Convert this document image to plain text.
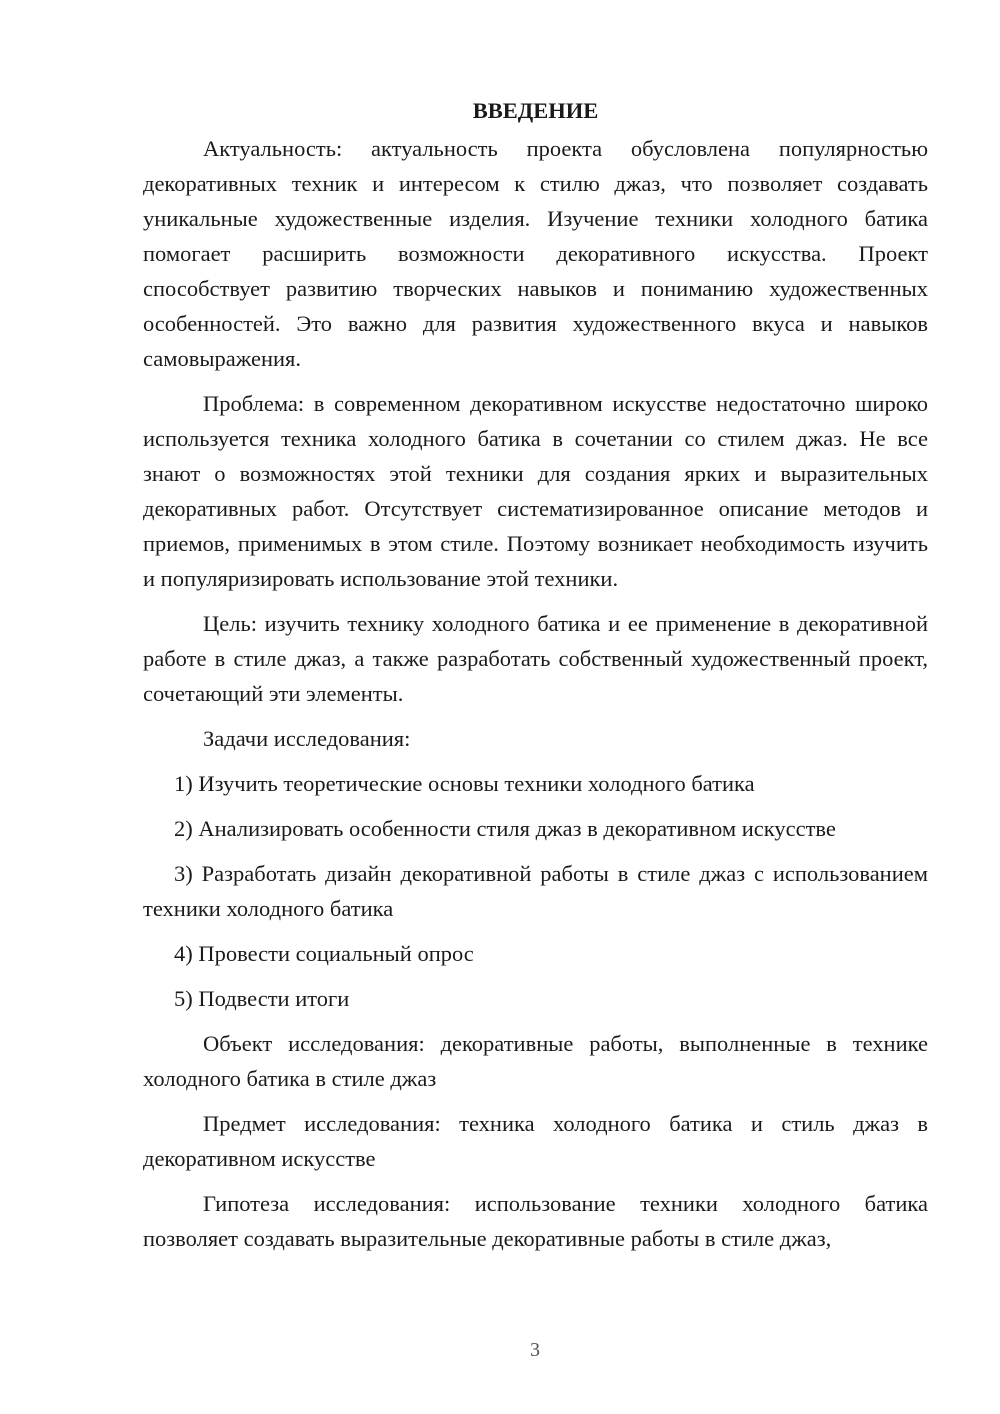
ВВЕДЕНИЕ

Актуальность: актуальность проекта обусловлена популярностью декоративных техник и интересом к стилю джаз, что позволяет создавать уникальные художественные изделия. Изучение техники холодного батика помогает расширить возможности декоративного искусства. Проект способствует развитию творческих навыков и пониманию художественных особенностей. Это важно для развития художественного вкуса и навыков самовыражения.

Проблема: в современном декоративном искусстве недостаточно широко используется техника холодного батика в сочетании со стилем джаз. Не все знают о возможностях этой техники для создания ярких и выразительных декоративных работ. Отсутствует систематизированное описание методов и приемов, применимых в этом стиле. Поэтому возникает необходимость изучить и популяризировать использование этой техники.

Цель: изучить технику холодного батика и ее применение в декоративной работе в стиле джаз, а также разработать собственный художественный проект, сочетающий эти элементы.

Задачи исследования:

1) Изучить теоретические основы техники холодного батика

2) Анализировать особенности стиля джаз в декоративном искусстве

3) Разработать дизайн декоративной работы в стиле джаз с использованием техники холодного батика

4) Провести социальный опрос

5) Подвести итоги

Объект исследования: декоративные работы, выполненные в технике холодного батика в стиле джаз

Предмет исследования: техника холодного батика и стиль джаз в декоративном искусстве

Гипотеза исследования: использование техники холодного батика позволяет создавать выразительные декоративные работы в стиле джаз,

3
